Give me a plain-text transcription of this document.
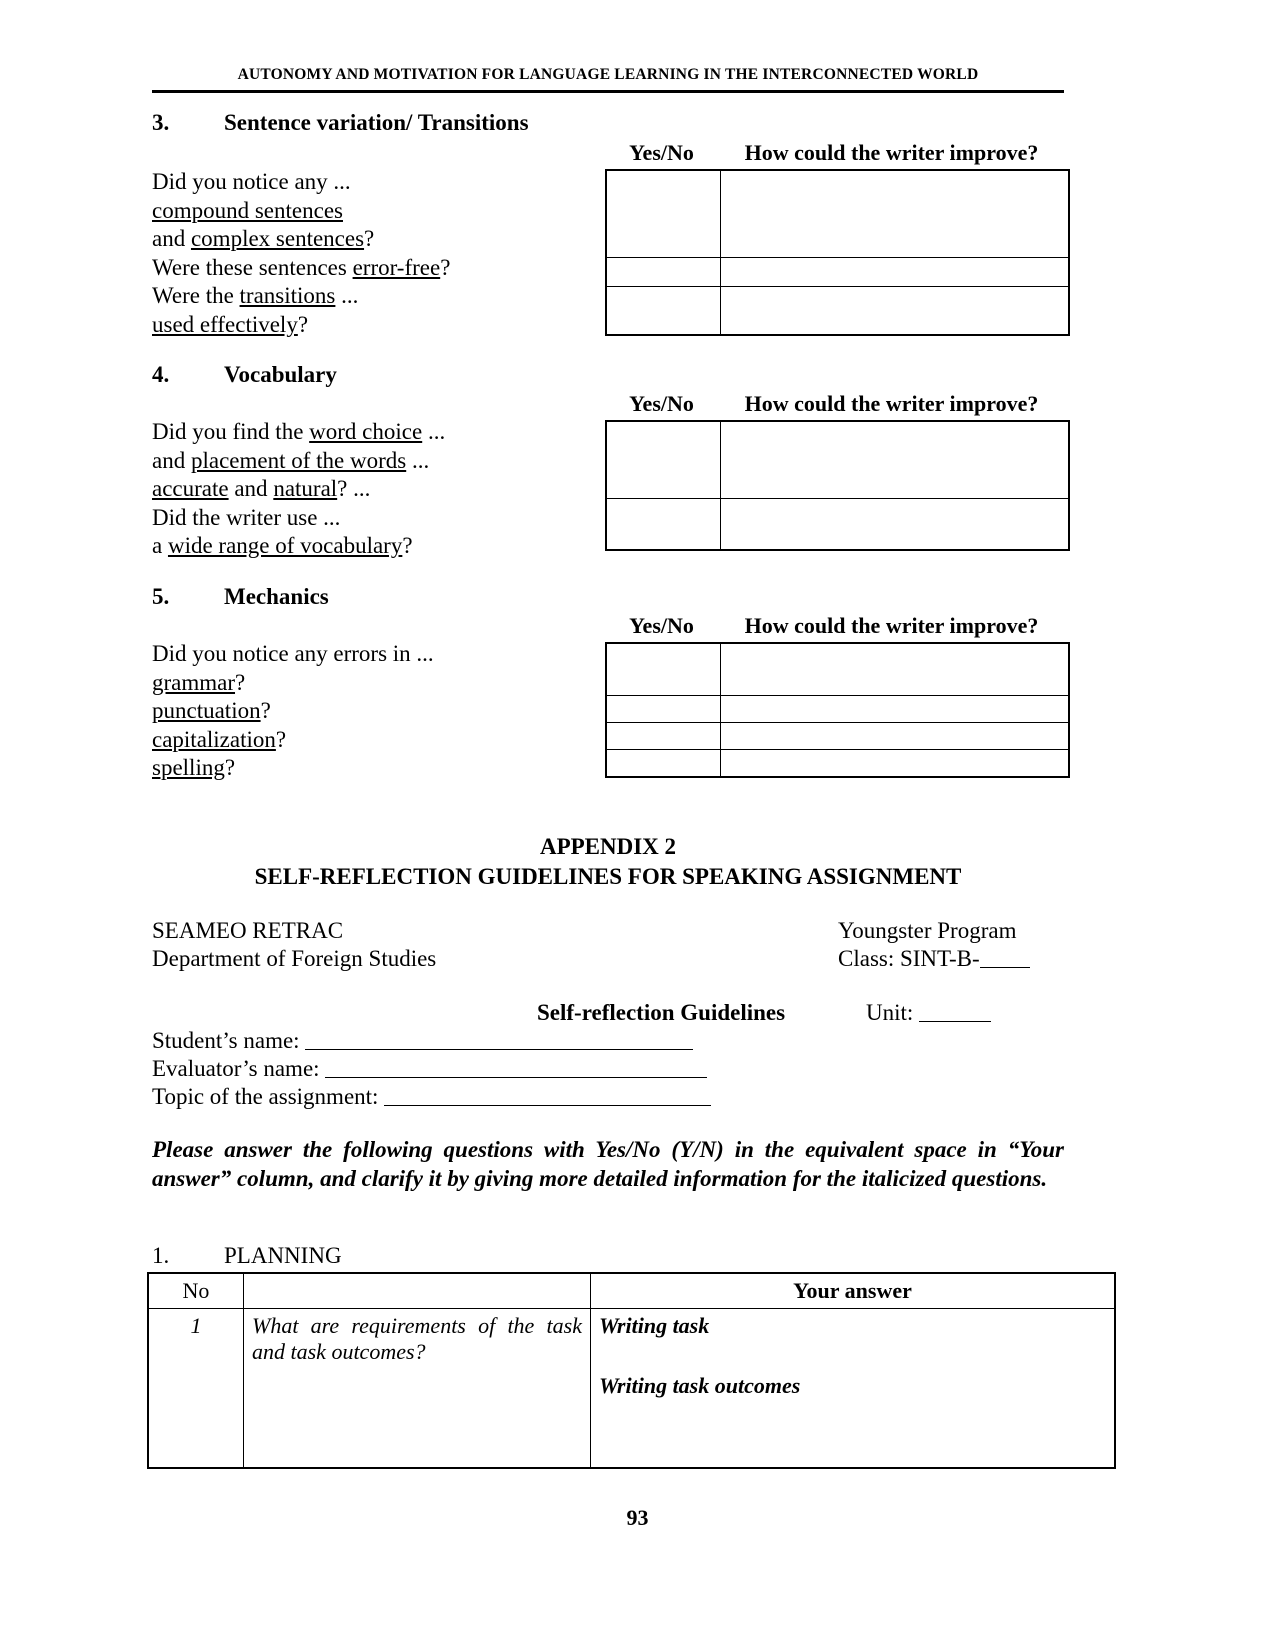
AUTONOMY AND MOTIVATION FOR LANGUAGE LEARNING IN THE INTERCONNECTED WORLD
3. Sentence variation/ Transitions
Did you notice any ...
compound sentences
and complex sentences?
Were these sentences error-free?
Were the transitions ...
used effectively?
Yes/No	How could the writer improve?

4. Vocabulary
Did you find the word choice ...
and placement of the words ...
accurate and natural? ...
Did the writer use ...
a wide range of vocabulary?
Yes/No	How could the writer improve?

5. Mechanics
Did you notice any errors in ...
grammar?
punctuation?
capitalization?
spelling?
Yes/No	How could the writer improve?

APPENDIX 2
SELF-REFLECTION GUIDELINES FOR SPEAKING ASSIGNMENT
SEAMEO RETRAC	Youngster Program
Department of Foreign Studies	Class: SINT-B-
Self-reflection Guidelines	Unit:
Student’s name:
Evaluator’s name:
Topic of the assignment:
Please answer the following questions with Yes/No (Y/N) in the equivalent space in “Your answer” column, and clarify it by giving more detailed information for the italicized questions.
1. PLANNING
No		Your answer
1	What are requirements of the task and task outcomes?	Writing task
Writing task outcomes
93
